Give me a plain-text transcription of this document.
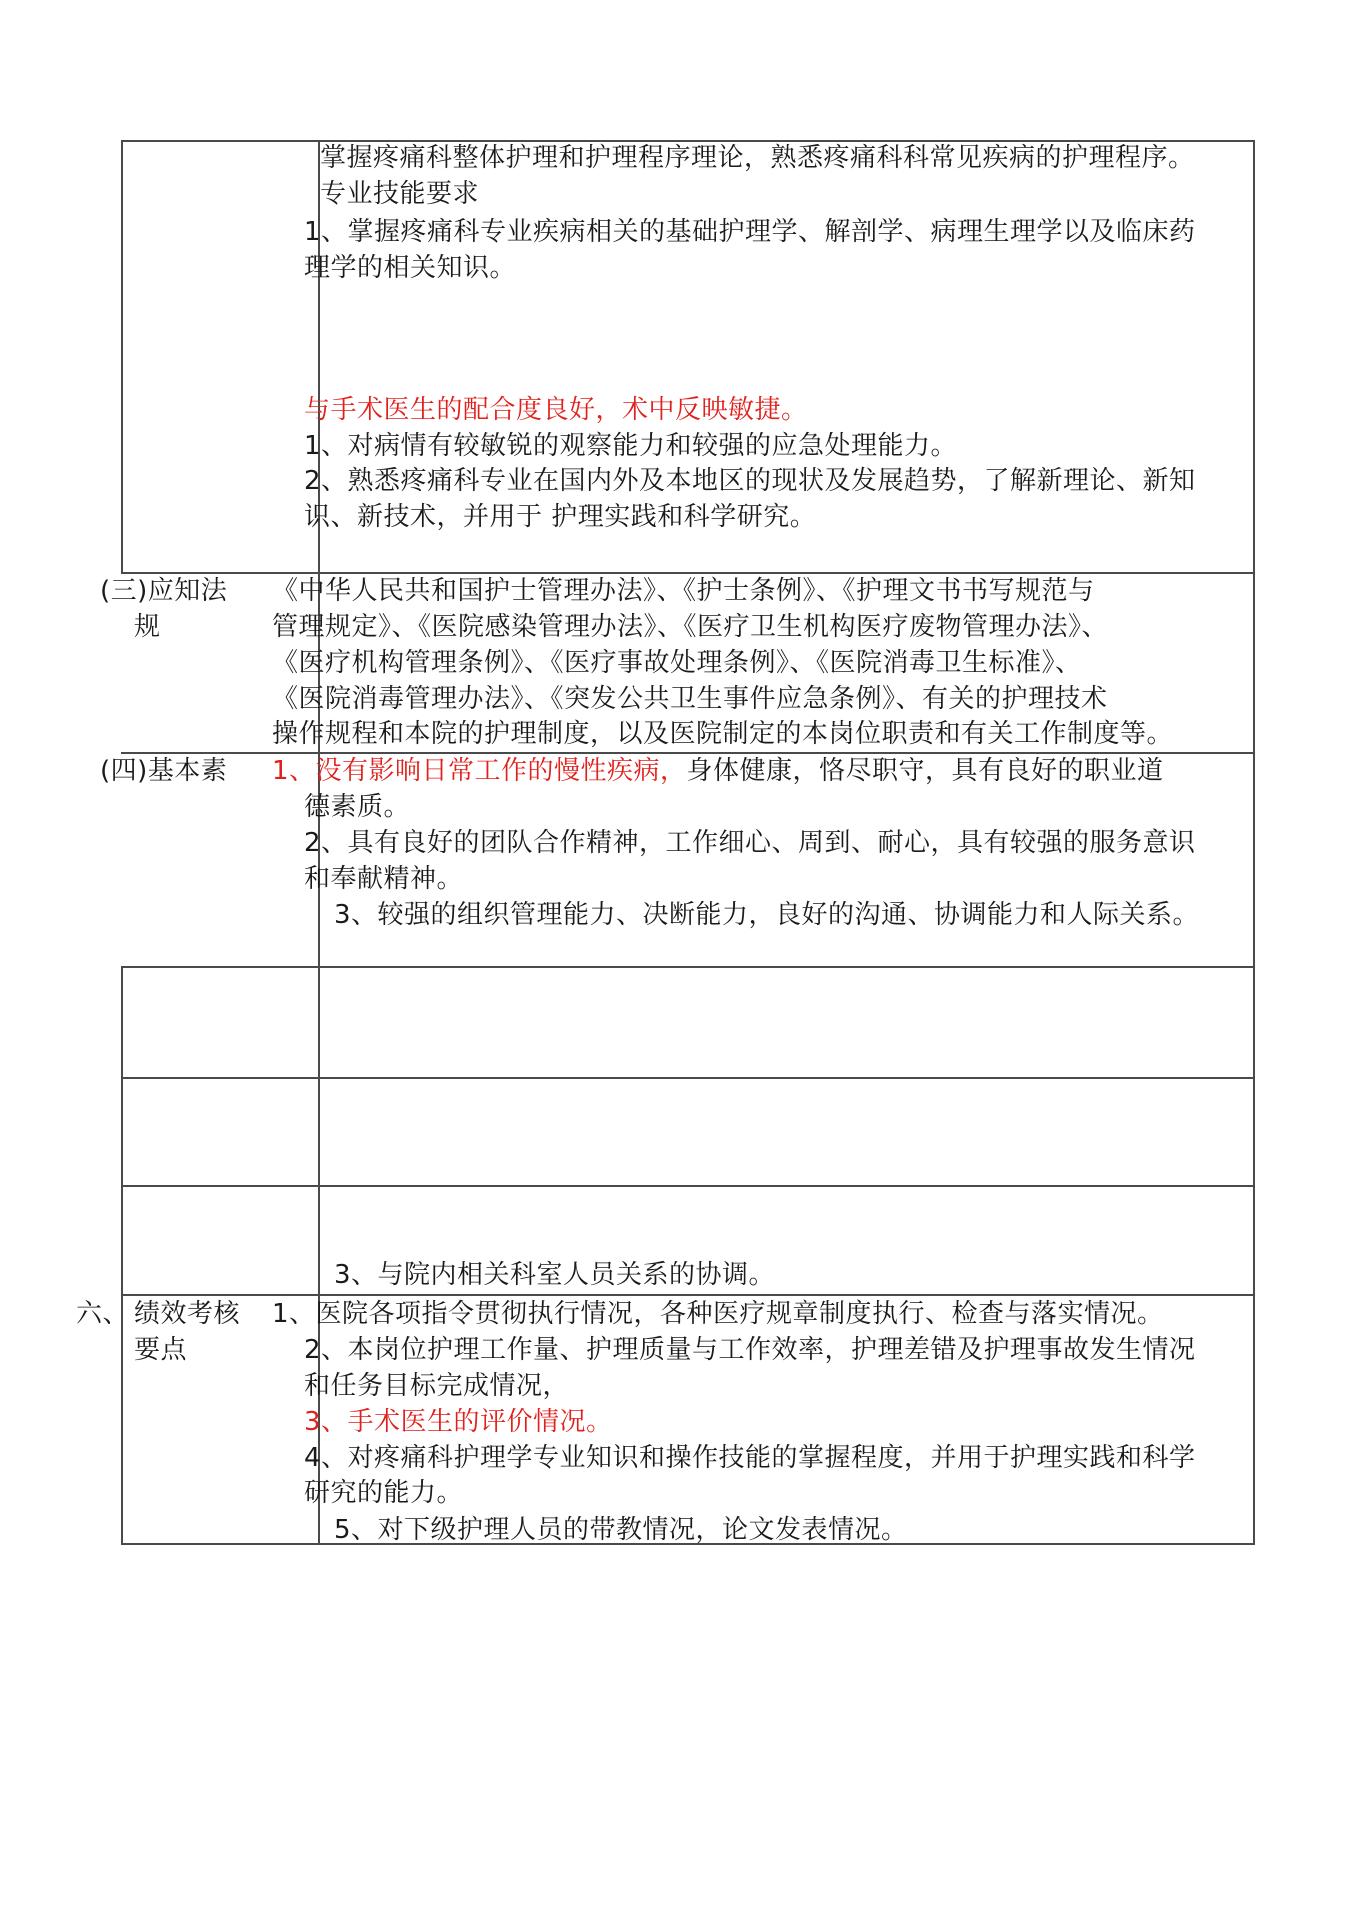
掌握疼痛科整体护理和护理程序理论，熟悉疼痛科科常见疾病的护理程序。
专业技能要求
1、掌握疼痛科专业疾病相关的基础护理学、解剖学、病理生理学以及临床药
理学的相关知识。
与手术医生的配合度良好，术中反映敏捷。
1、对病情有较敏锐的观察能力和较强的应急处理能力。
2、熟悉疼痛科专业在国内外及本地区的现状及发展趋势，了解新理论、新知
识、新技术，并用于 护理实践和科学研究。
(三)应知法
规
《中华人民共和国护士管理办法》、《护士条例》、《护理文书书写规范与
管理规定》、《医院感染管理办法》、《医疗卫生机构医疗废物管理办法》、
《医疗机构管理条例》、《医疗事故处理条例》、《医院消毒卫生标准》、
《医院消毒管理办法》、《突发公共卫生事件应急条例》、有关的护理技术
操作规程和本院的护理制度，以及医院制定的本岗位职责和有关工作制度等。
(四)基本素 1、没有影响日常工作的慢性疾病，身体健康，恪尽职守，具有良好的职业道
德素质。
2、具有良好的团队合作精神，工作细心、周到、耐心，具有较强的服务意识
和奉献精神。
3、较强的组织管理能力、决断能力，良好的沟通、协调能力和人际关系。
3、与院内相关科室人员关系的协调。
六、 绩效考核
要点
1、医院各项指令贯彻执行情况，各种医疗规章制度执行、检查与落实情况。
2、本岗位护理工作量、护理质量与工作效率，护理差错及护理事故发生情况
和任务目标完成情况，
3、手术医生的评价情况。
4、对疼痛科护理学专业知识和操作技能的掌握程度，并用于护理实践和科学
研究的能力。
5、对下级护理人员的带教情况，论文发表情况。
